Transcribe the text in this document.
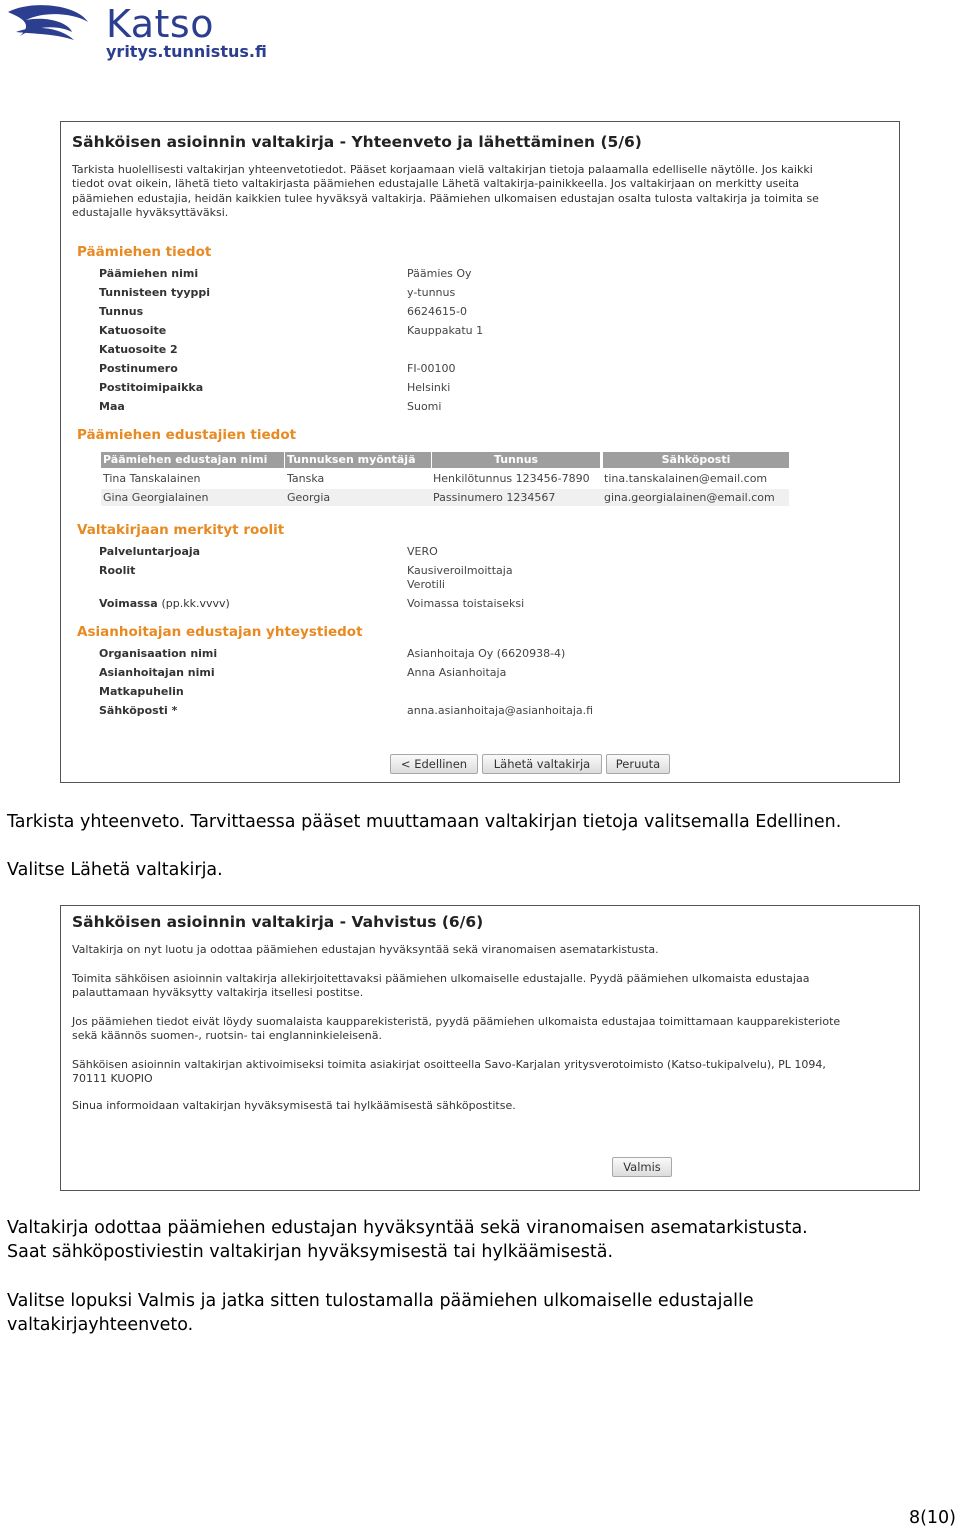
Katso
yritys.tunnistus.fi
Sähköisen asioinnin valtakirja - Yhteenveto ja lähettäminen (5/6)
Tarkista huolellisesti valtakirjan yhteenvetotiedot. Pääset korjaamaan vielä valtakirjan tietoja palaamalla edelliselle näytölle. Jos kaikki
tiedot ovat oikein, lähetä tieto valtakirjasta päämiehen edustajalle Lähetä valtakirja-painikkeella. Jos valtakirjaan on merkitty useita
päämiehen edustajia, heidän kaikkien tulee hyväksyä valtakirja. Päämiehen ulkomaisen edustajan osalta tulosta valtakirja ja toimita se
edustajalle hyväksyttäväksi.
Päämiehen tiedot
Päämiehen nimi	Päämies Oy
Tunnisteen tyyppi	y-tunnus
Tunnus	6624615-0
Katuosoite	Kauppakatu 1
Katuosoite 2
Postinumero	FI-00100
Postitoimipaikka	Helsinki
Maa	Suomi
Päämiehen edustajien tiedot
Päämiehen edustajan nimi	Tunnuksen myöntäjä	Tunnus	Sähköposti
Tina Tanskalainen	Tanska	Henkilötunnus 123456-7890	tina.tanskalainen@email.com
Gina Georgialainen	Georgia	Passinumero 1234567	gina.georgialainen@email.com
Valtakirjaan merkityt roolit
Palveluntarjoaja	VERO
Roolit	Kausiveroilmoittaja
Verotili
Voimassa (pp.kk.vvvv)	Voimassa toistaiseksi
Asianhoitajan edustajan yhteystiedot
Organisaation nimi	Asianhoitaja Oy (6620938-4)
Asianhoitajan nimi	Anna Asianhoitaja
Matkapuhelin
Sähköposti *	anna.asianhoitaja@asianhoitaja.fi
< Edellinen	Lähetä valtakirja	Peruuta
Tarkista yhteenveto. Tarvittaessa pääset muuttamaan valtakirjan tietoja valitsemalla Edellinen.
Valitse Lähetä valtakirja.
Sähköisen asioinnin valtakirja - Vahvistus (6/6)
Valtakirja on nyt luotu ja odottaa päämiehen edustajan hyväksyntää sekä viranomaisen asematarkistusta.
Toimita sähköisen asioinnin valtakirja allekirjoitettavaksi päämiehen ulkomaiselle edustajalle. Pyydä päämiehen ulkomaista edustajaa
palauttamaan hyväksytty valtakirja itsellesi postitse.
Jos päämiehen tiedot eivät löydy suomalaista kaupparekisteristä, pyydä päämiehen ulkomaista edustajaa toimittamaan kaupparekisteriote
sekä käännös suomen-, ruotsin- tai englanninkieleisenä.
Sähköisen asioinnin valtakirjan aktivoimiseksi toimita asiakirjat osoitteella Savo-Karjalan yritysverotoimisto (Katso-tukipalvelu), PL 1094,
70111 KUOPIO
Sinua informoidaan valtakirjan hyväksymisestä tai hylkäämisestä sähköpostitse.
Valmis
Valtakirja odottaa päämiehen edustajan hyväksyntää sekä viranomaisen asematarkistusta.
Saat sähköpostiviestin valtakirjan hyväksymisestä tai hylkäämisestä.
Valitse lopuksi Valmis ja jatka sitten tulostamalla päämiehen ulkomaiselle edustajalle
valtakirjayhteenveto.
8(10)
